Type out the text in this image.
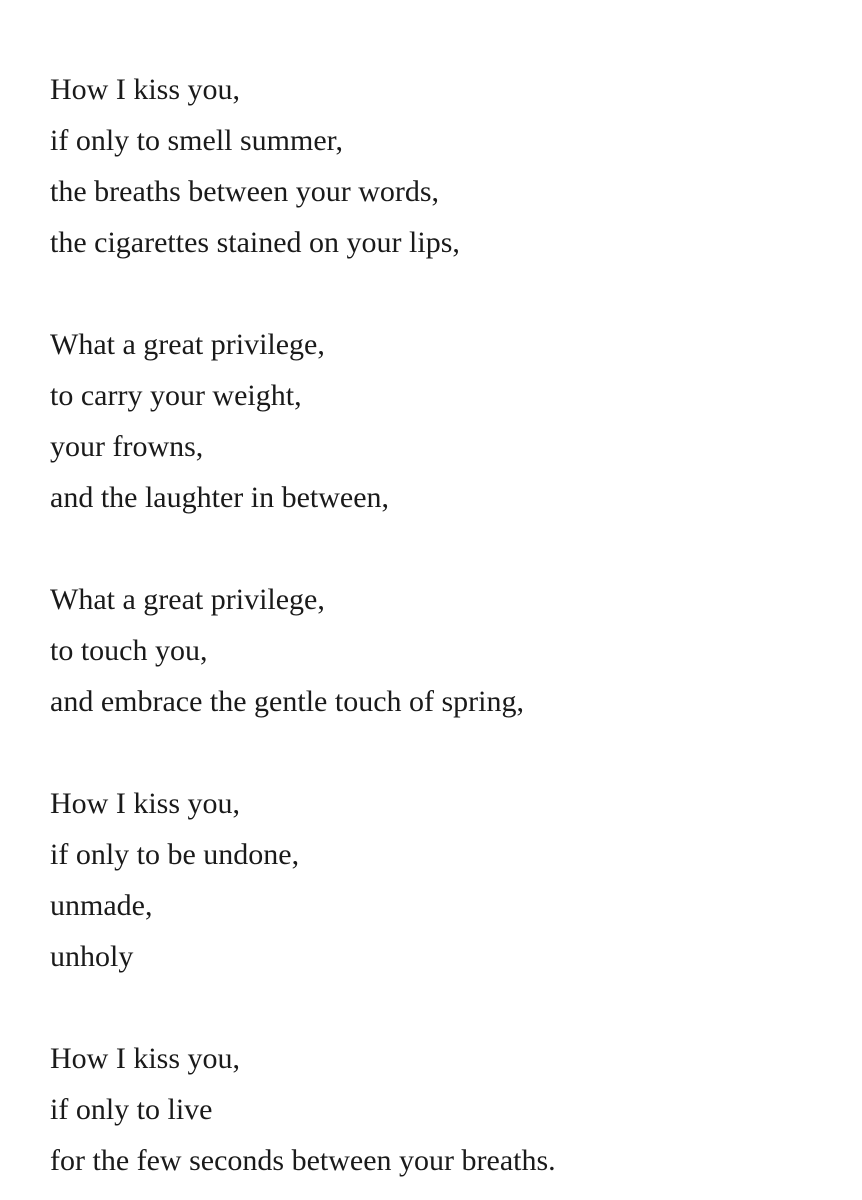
How I kiss you,
if only to smell summer,
the breaths between your words,
the cigarettes stained on your lips,
What a great privilege,
to carry your weight,
your frowns,
and the laughter in between,
What a great privilege,
to touch you,
and embrace the gentle touch of spring,
How I kiss you,
if only to be undone,
unmade,
unholy
How I kiss you,
if only to live
for the few seconds between your breaths.
